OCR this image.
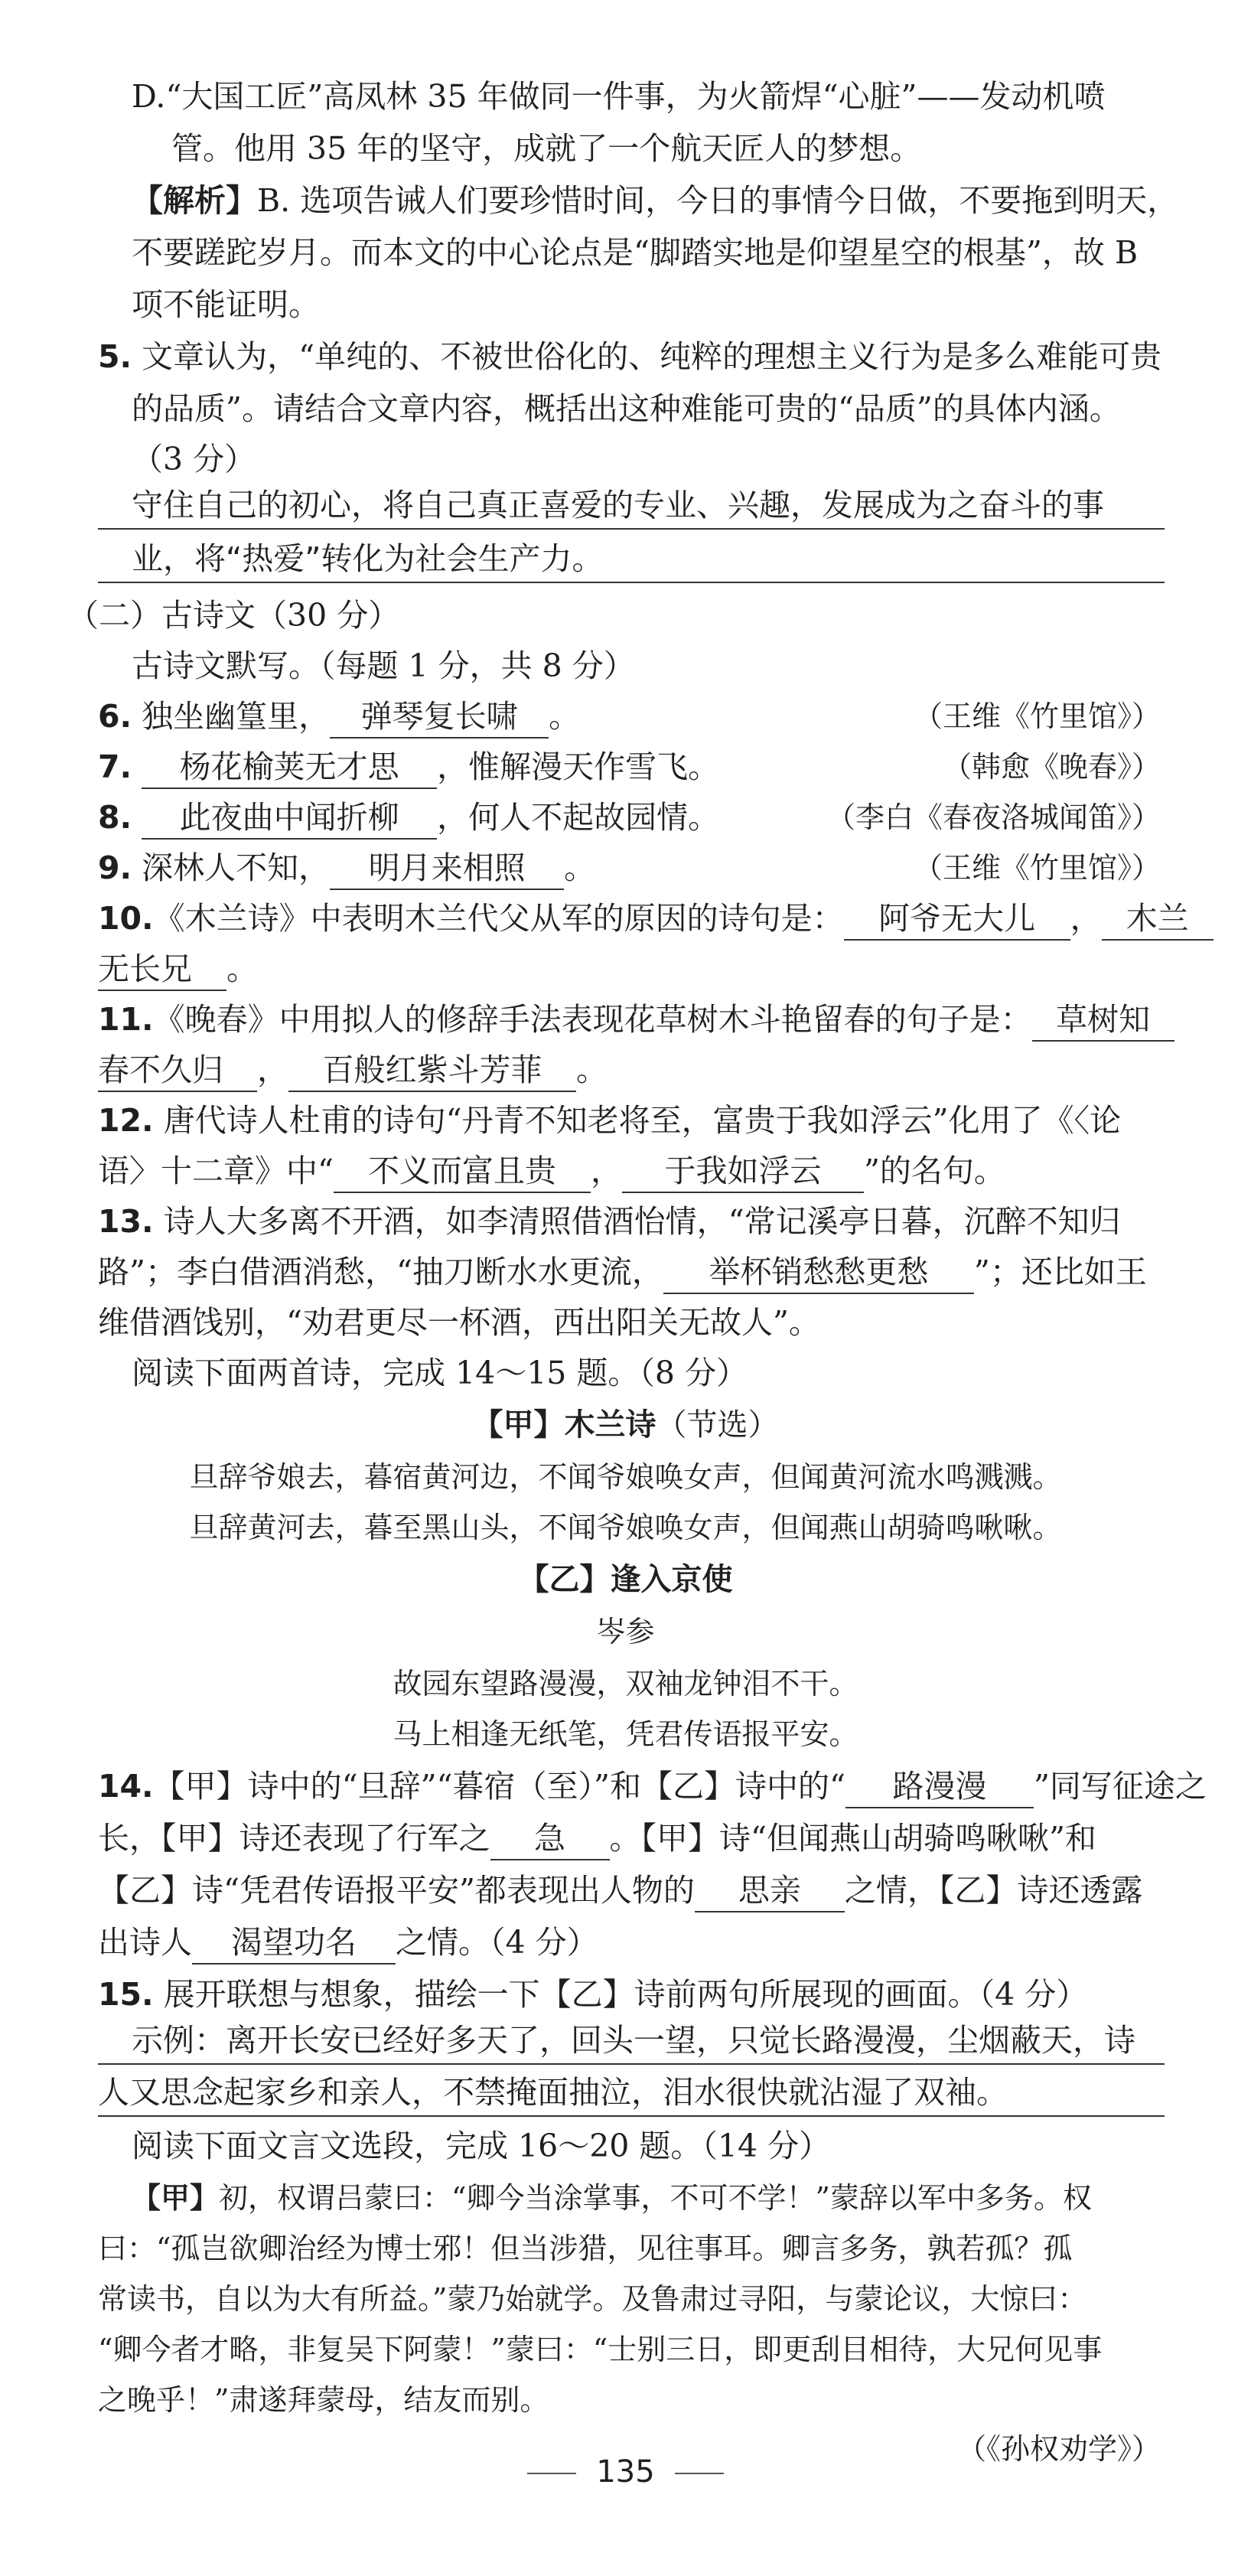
D.“大国工匠”高凤林 35 年做同一件事，为火箭焊“心脏”——发动机喷
管。他用 35 年的坚守，成就了一个航天匠人的梦想。
【解析】B. 选项告诫人们要珍惜时间，今日的事情今日做，不要拖到明天，
不要蹉跎岁月。而本文的中心论点是“脚踏实地是仰望星空的根基”，故 B
项不能证明。
5. 文章认为，“单纯的、不被世俗化的、纯粹的理想主义行为是多么难能可贵
的品质”。请结合文章内容，概括出这种难能可贵的“品质”的具体内涵。
（3 分）
守住自己的初心，将自己真正喜爱的专业、兴趣，发展成为之奋斗的事
业，将“热爱”转化为社会生产力。
（二）古诗文（30 分）
古诗文默写。（每题 1 分，共 8 分）
6. 独坐幽篁里， 弹琴复长啸 。	（王维《竹里馆》）
7. 杨花榆荚无才思 ，惟解漫天作雪飞。	（韩愈《晚春》）
8. 此夜曲中闻折柳 ，何人不起故园情。	（李白《春夜洛城闻笛》）
9. 深林人不知， 明月来相照 。	（王维《竹里馆》）
10.《木兰诗》中表明木兰代父从军的原因的诗句是： 阿爷无大儿 ， 木兰
无长兄 。
11.《晚春》中用拟人的修辞手法表现花草树木斗艳留春的句子是： 草树知
春不久归 ， 百般红紫斗芳菲 。
12. 唐代诗人杜甫的诗句“丹青不知老将至，富贵于我如浮云”化用了《〈论
语〉十二章》中“ 不义而富且贵 ， 于我如浮云 ”的名句。
13. 诗人大多离不开酒，如李清照借酒怡情，“常记溪亭日暮，沉醉不知归
路”；李白借酒消愁，“抽刀断水水更流， 举杯销愁愁更愁 ”；还比如王
维借酒饯别，“劝君更尽一杯酒，西出阳关无故人”。
阅读下面两首诗，完成 14～15 题。（8 分）
【甲】木兰诗（节选）
旦辞爷娘去，暮宿黄河边，不闻爷娘唤女声，但闻黄河流水鸣溅溅。
旦辞黄河去，暮至黑山头，不闻爷娘唤女声，但闻燕山胡骑鸣啾啾。
【乙】逢入京使
岑参
故园东望路漫漫，双袖龙钟泪不干。
马上相逢无纸笔，凭君传语报平安。
14.【甲】诗中的“旦辞”“暮宿（至）”和【乙】诗中的“ 路漫漫 ”同写征途之
长，【甲】诗还表现了行军之 急 。【甲】诗“但闻燕山胡骑鸣啾啾”和
【乙】诗“凭君传语报平安”都表现出人物的 思亲 之情，【乙】诗还透露
出诗人 渴望功名 之情。（4 分）
15. 展开联想与想象，描绘一下【乙】诗前两句所展现的画面。（4 分）
示例：离开长安已经好多天了，回头一望，只觉长路漫漫，尘烟蔽天，诗
人又思念起家乡和亲人，不禁掩面抽泣，泪水很快就沾湿了双袖。
阅读下面文言文选段，完成 16～20 题。（14 分）
【甲】初，权谓吕蒙曰：“卿今当涂掌事，不可不学！”蒙辞以军中多务。权
曰：“孤岂欲卿治经为博士邪！但当涉猎，见往事耳。卿言多务，孰若孤？孤
常读书，自以为大有所益。”蒙乃始就学。及鲁肃过寻阳，与蒙论议，大惊曰：
“卿今者才略，非复吴下阿蒙！”蒙曰：“士别三日，即更刮目相待，大兄何见事
之晚乎！”肃遂拜蒙母，结友而别。
（《孙权劝学》）
135
